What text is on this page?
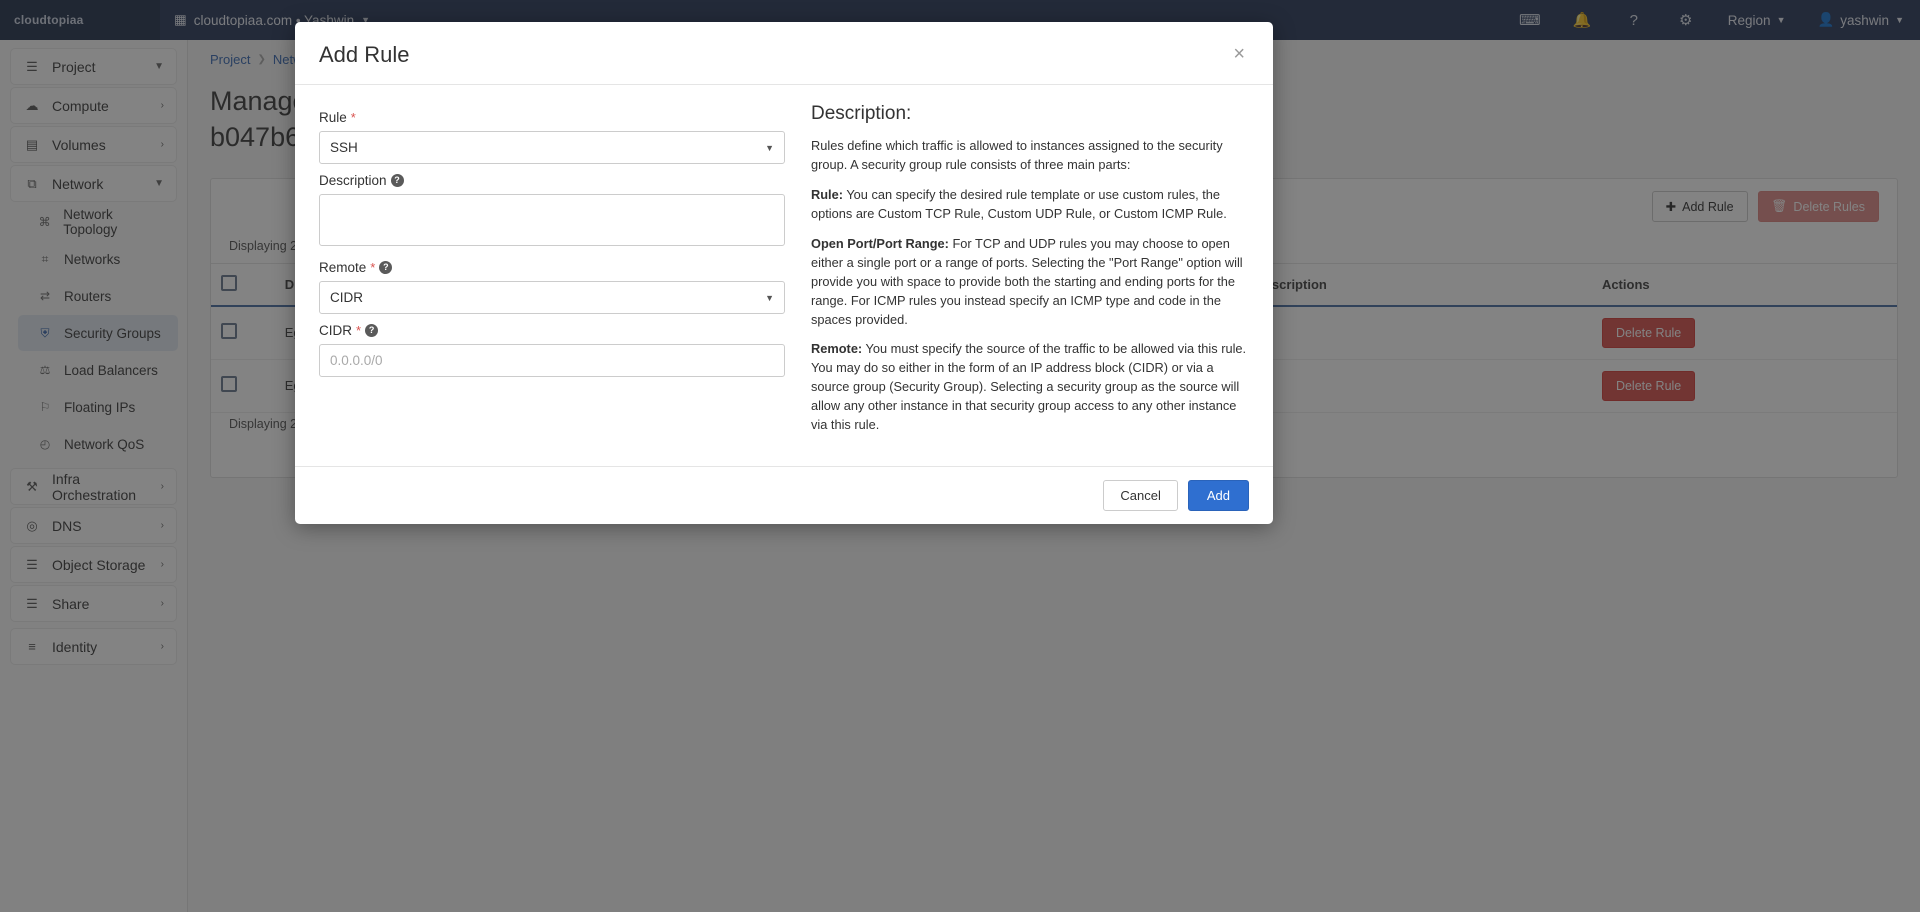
Add Rule	×
Rule *
SSH	▼
Description ?
Remote * ?
CIDR	▼
CIDR * ?
0.0.0.0/0
Description:

Rules define which traffic is allowed to instances assigned to the security group. A security group rule consists of three main parts:

Rule: You can specify the desired rule template or use custom rules, the options are Custom TCP Rule, Custom UDP Rule, or Custom ICMP Rule.

Open Port/Port Range: For TCP and UDP rules you may choose to open either a single port or a range of ports. Selecting the "Port Range" option will provide you with space to provide both the starting and ending ports for the range. For ICMP rules you instead specify an ICMP type and code in the spaces provided.

Remote: You must specify the source of the traffic to be allowed via this rule. You may do so either in the form of an IP address block (CIDR) or via a source group (Security Group). Selecting a security group as the source will allow any other instance in that security group access to any other instance via this rule.

Cancel	Add
